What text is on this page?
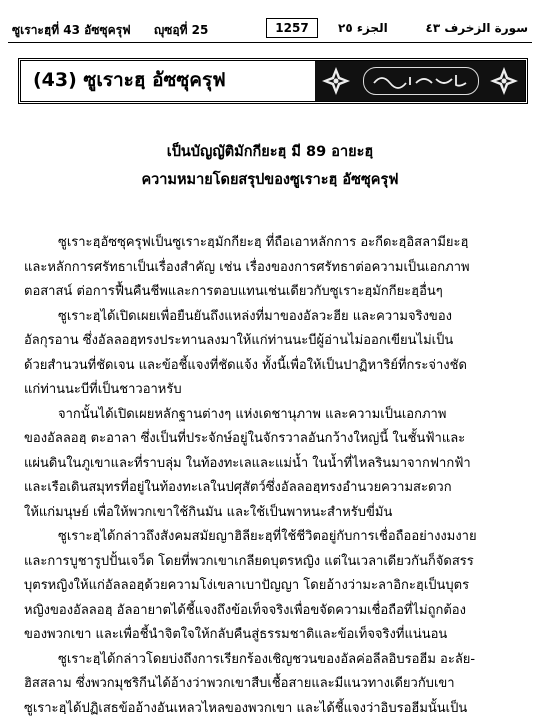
ซูเราะฮฺที่ 43 อัซซุครุฟ ญุซอฺที่ 25	1257	الجزء ٢٥	سورة الزخرف ٤٣
(43) ซูเราะฮฺ อัซซุครุฟ
เป็นบัญญัติมักกียะฮฺ มี 89 อายะฮฺ
ความหมายโดยสรุปของซูเราะฮฺ อัซซุครุฟ
ซูเราะฮฺอัซซุครุฟเป็นซูเราะฮฺมักกียะฮฺ ที่ถือเอาหลักการ อะกีดะฮฺอิสลามียะฮฺ
และหลักการศรัทธาเป็นเรื่องสำคัญ เช่น เรื่องของการศรัทธาต่อความเป็นเอกภาพ
ตอสาสน์ ต่อการฟื้นคืนชีพและการตอบแทนเช่นเดียวกับซูเราะฮฺมักกียะฮฺอื่นๆ
ซูเราะฮฺได้เปิดเผยเพื่อยืนยันถึงแหล่งที่มาของอัลวะฮีย และความจริงของ
อัลกุรอาน ซึ่งอัลลอฮฺทรงประทานลงมาให้แก่ท่านนะบีผู้อ่านไม่ออกเขียนไม่เป็น
ด้วยสำนวนที่ชัดเจน และข้อชี้แจงที่ชัดแจ้ง ทั้งนี้เพื่อให้เป็นปาฏิหาริย์ที่กระจ่างชัด
แก่ท่านนะบีที่เป็นชาวอาหรับ
จากนั้นได้เปิดเผยหลักฐานต่างๆ แห่งเดชานุภาพ และความเป็นเอกภาพ
ของอัลลอฮฺ ตะอาลา ซึ่งเป็นที่ประจักษ์อยู่ในจักรวาลอันกว้างใหญ่นี้ ในชั้นฟ้าและ
แผ่นดินในภูเขาและที่ราบลุ่ม ในท้องทะเลและแม่น้ำ ในน้ำที่ไหลรินมาจากฟากฟ้า
และเรือเดินสมุทรที่อยู่ในท้องทะเลในปศุสัตว์ซึ่งอัลลอฮฺทรงอำนวยความสะดวก
ให้แก่มนุษย์ เพื่อให้พวกเขาใช้กินมัน และใช้เป็นพาหนะสำหรับขี่มัน
ซูเราะฮฺได้กล่าวถึงสังคมสมัยญาฮิลียะฮฺที่ใช้ชีวิตอยู่กับการเชื่อถืออย่างงมงาย
และการบูชารูปปั้นเจว็ด โดยที่พวกเขาเกลียดบุตรหญิง แต่ในเวลาเดียวกันก็จัดสรร
บุตรหญิงให้แก่อัลลอฮฺด้วยความโง่เขลาเบาปัญญา โดยอ้างว่ามะลาอิกะฮฺเป็นบุตร
หญิงของอัลลอฮฺ อัลอายาตได้ชี้แจงถึงข้อเท็จจริงเพื่อขจัดความเชื่อถือที่ไม่ถูกต้อง
ของพวกเขา และเพื่อชี้นำจิตใจให้กลับคืนสู่ธรรมชาติและข้อเท็จจริงที่แน่นอน
ซูเราะฮฺได้กล่าวโดยบ่งถึงการเรียกร้องเชิญชวนของอัลค่อลีลอิบรอฮีม อะลัย-
ฮิสสลาม ซึ่งพวกมุชริกีนได้อ้างว่าพวกเขาสืบเชื้อสายและมีแนวทางเดียวกับเขา
ซูเราะฮฺได้ปฏิเสธข้ออ้างอันเหลวไหลของพวกเขา และได้ชี้แจงว่าอิบรอฮีมนั้นเป็น
